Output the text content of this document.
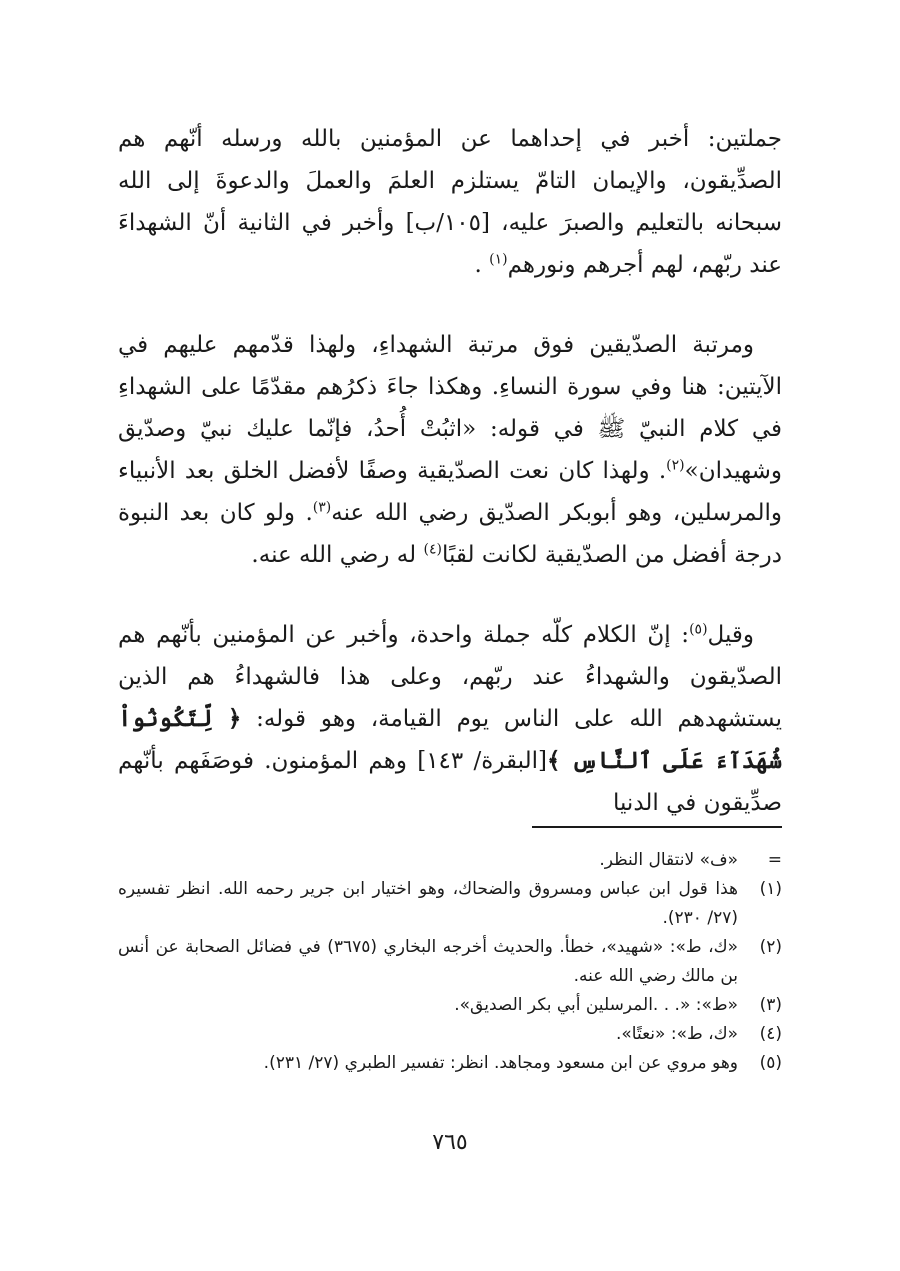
جملتين: أخبر في إحداهما عن المؤمنين بالله ورسله أنّهم هم الصدِّيقون، والإيمان التامّ يستلزم العلمَ والعملَ والدعوةَ إلى الله سبحانه بالتعليم والصبرَ عليه، [١٠٥/ب] وأخبر في الثانية أنّ الشهداءَ عند ربّهم، لهم أجرهم ونورهم$^{(١)}$ .

ومرتبة الصدّيقين فوق مرتبة الشهداءِ، ولهذا قدّمهم عليهم في الآيتين: هنا وفي سورة النساءِ. وهكذا جاءَ ذكرُهم مقدّمًا على الشهداءِ في كلام النبيّ ﷺ في قوله: «اثبُتْ أُحدُ، فإنّما عليك نبيّ وصدّيق وشهيدان»$^{(٢)}$. ولهذا كان نعت الصدّيقية وصفًا لأفضل الخلق بعد الأنبياء والمرسلين، وهو أبوبكر الصدّيق رضي الله عنه$^{(٣)}$. ولو كان بعد النبوة درجة أفضل من الصدّيقية لكانت لقبًا$^{(٤)}$ له رضي الله عنه.

وقيل$^{(٥)}$: إنّ الكلام كلّه جملة واحدة، وأخبر عن المؤمنين بأنّهم هم الصدّيقون والشهداءُ عند ربّهم، وعلى هذا فالشهداءُ هم الذين يستشهدهم الله على الناس يوم القيامة، وهو قوله: ﴿ لِّتَكُونُواْ شُهَدَآءَ عَلَى ٱلنَّاسِ ﴾[البقرة/ ١٤٣] وهم المؤمنون. فوصَفَهم بأنّهم صدِّيقون في الدنيا

=
«ف» لانتقال النظر.
(١)
هذا قول ابن عباس ومسروق والضحاك، وهو اختيار ابن جرير رحمه الله. انظر تفسيره (٢٧/ ٢٣٠).
(٢)
«ك، ط»: «شهيد»، خطأ. والحديث أخرجه البخاري (٣٦٧٥) في فضائل الصحابة عن أنس بن مالك رضي الله عنه.
(٣)
«ط»: «. . .المرسلين أبي بكر الصديق».
(٤)
«ك، ط»: «نعتًا».
(٥)
وهو مروي عن ابن مسعود ومجاهد. انظر: تفسير الطبري (٢٧/ ٢٣١).
٧٦٥
